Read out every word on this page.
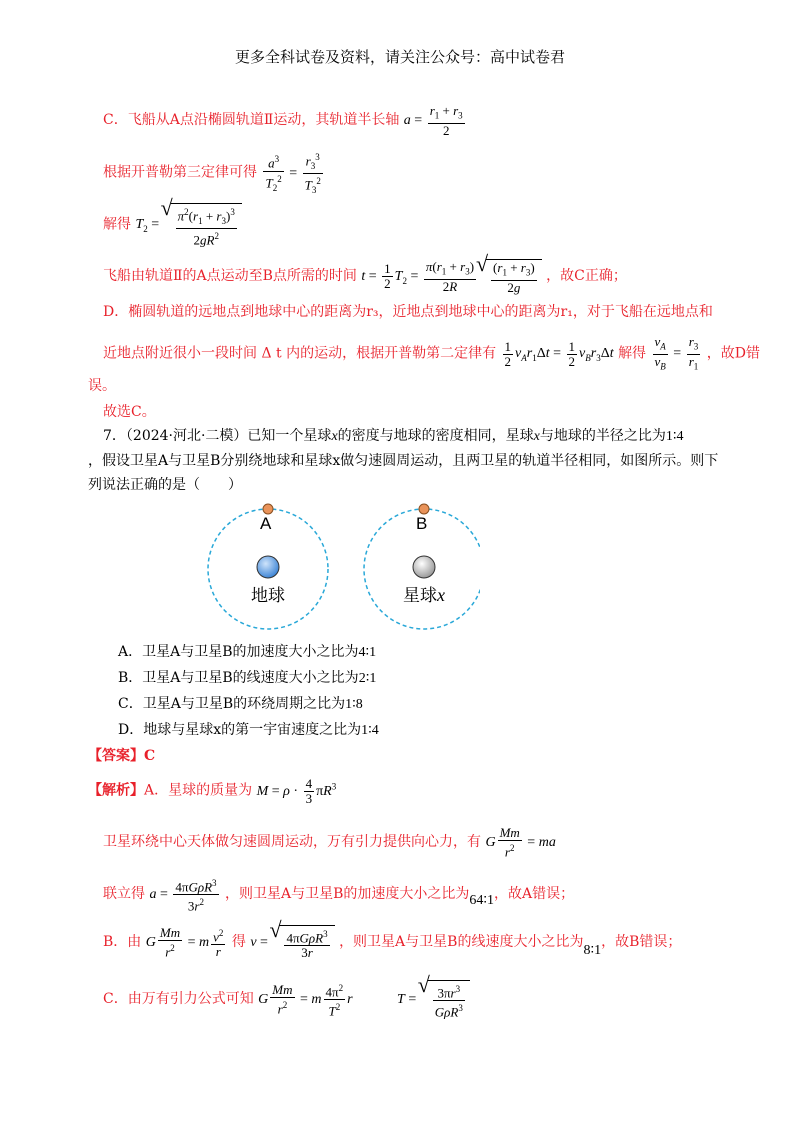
更多全科试卷及资料，请关注公众号：高中试卷君
C．飞船从A点沿椭圆轨道Ⅱ运动，其轨道半长轴 $a = \frac{r_1 + r_3}{2}$
根据开普勒第三定律可得 $\frac{a^3}{T_2^2} = \frac{r_3^3}{T_3^2}$
解得 $T_2$ = √ $\frac{\pi^2(r_1 + r_3)^3}{2gR^2}$
飞船由轨道Ⅱ的A点运动至B点所需的时间 $t = \frac{1}{2} T_2 = \frac{\pi(r_1 + r_3)}{2R}$ √ $\frac{(r_1 + r_3)}{2g}$ ，故C正确；
D．椭圆轨道的远地点到地球中心的距离为r₃，近地点到地球中心的距离为r₁，对于飞船在远地点和
近地点附近很小一段时间 Δ t 内的运动，根据开普勒第二定律有 $\frac{1}{2} v_Ar_1\Delta t = \frac{1}{2} v_Br_3\Delta t$ 解得 $\frac{v_A}{v_B} = \frac{r_3}{r_1}$ ，故D错
误。
故选C。
7．（2024·河北·二模）已知一个星球x的密度与地球的密度相同，星球x与地球的半径之比为1∶4
，假设卫星A与卫星B分别绕地球和星球x做匀速圆周运动，且两卫星的轨道半径相同，如图所示。则下
列说法正确的是（　　）
A	B
地球	星球 x
A．卫星A与卫星B的加速度大小之比为4∶1
B．卫星A与卫星B的线速度大小之比为2∶1
C．卫星A与卫星B的环绕周期之比为1∶8
D．地球与星球x的第一宇宙速度之比为1∶4
【答案】C
【解析】A．星球的质量为 $M = \rho \cdot \frac{4}{3} \pi R^3$
卫星环绕中心天体做匀速圆周运动，万有引力提供向心力，有 G $\frac{Mm}{r^2}$ = ma
联立得 $a = \frac{4\pi G\rho R^3}{3r^2}$ ，则卫星A与卫星B的加速度大小之比为64∶1，故A错误；
B．由 G $\frac{Mm}{r^2} = m \frac{v^2}{r}$ 得 v = √ $\frac{4\pi G\rho R^3}{3r}$ ，则卫星A与卫星B的线速度大小之比为8∶1，故B错误；
C．由万有引力公式可知 G $\frac{Mm}{r^2} = m \frac{4\pi^2}{T^2}$ r	T = √ $\frac{3\pi r^3}{G\rho R^3}$
